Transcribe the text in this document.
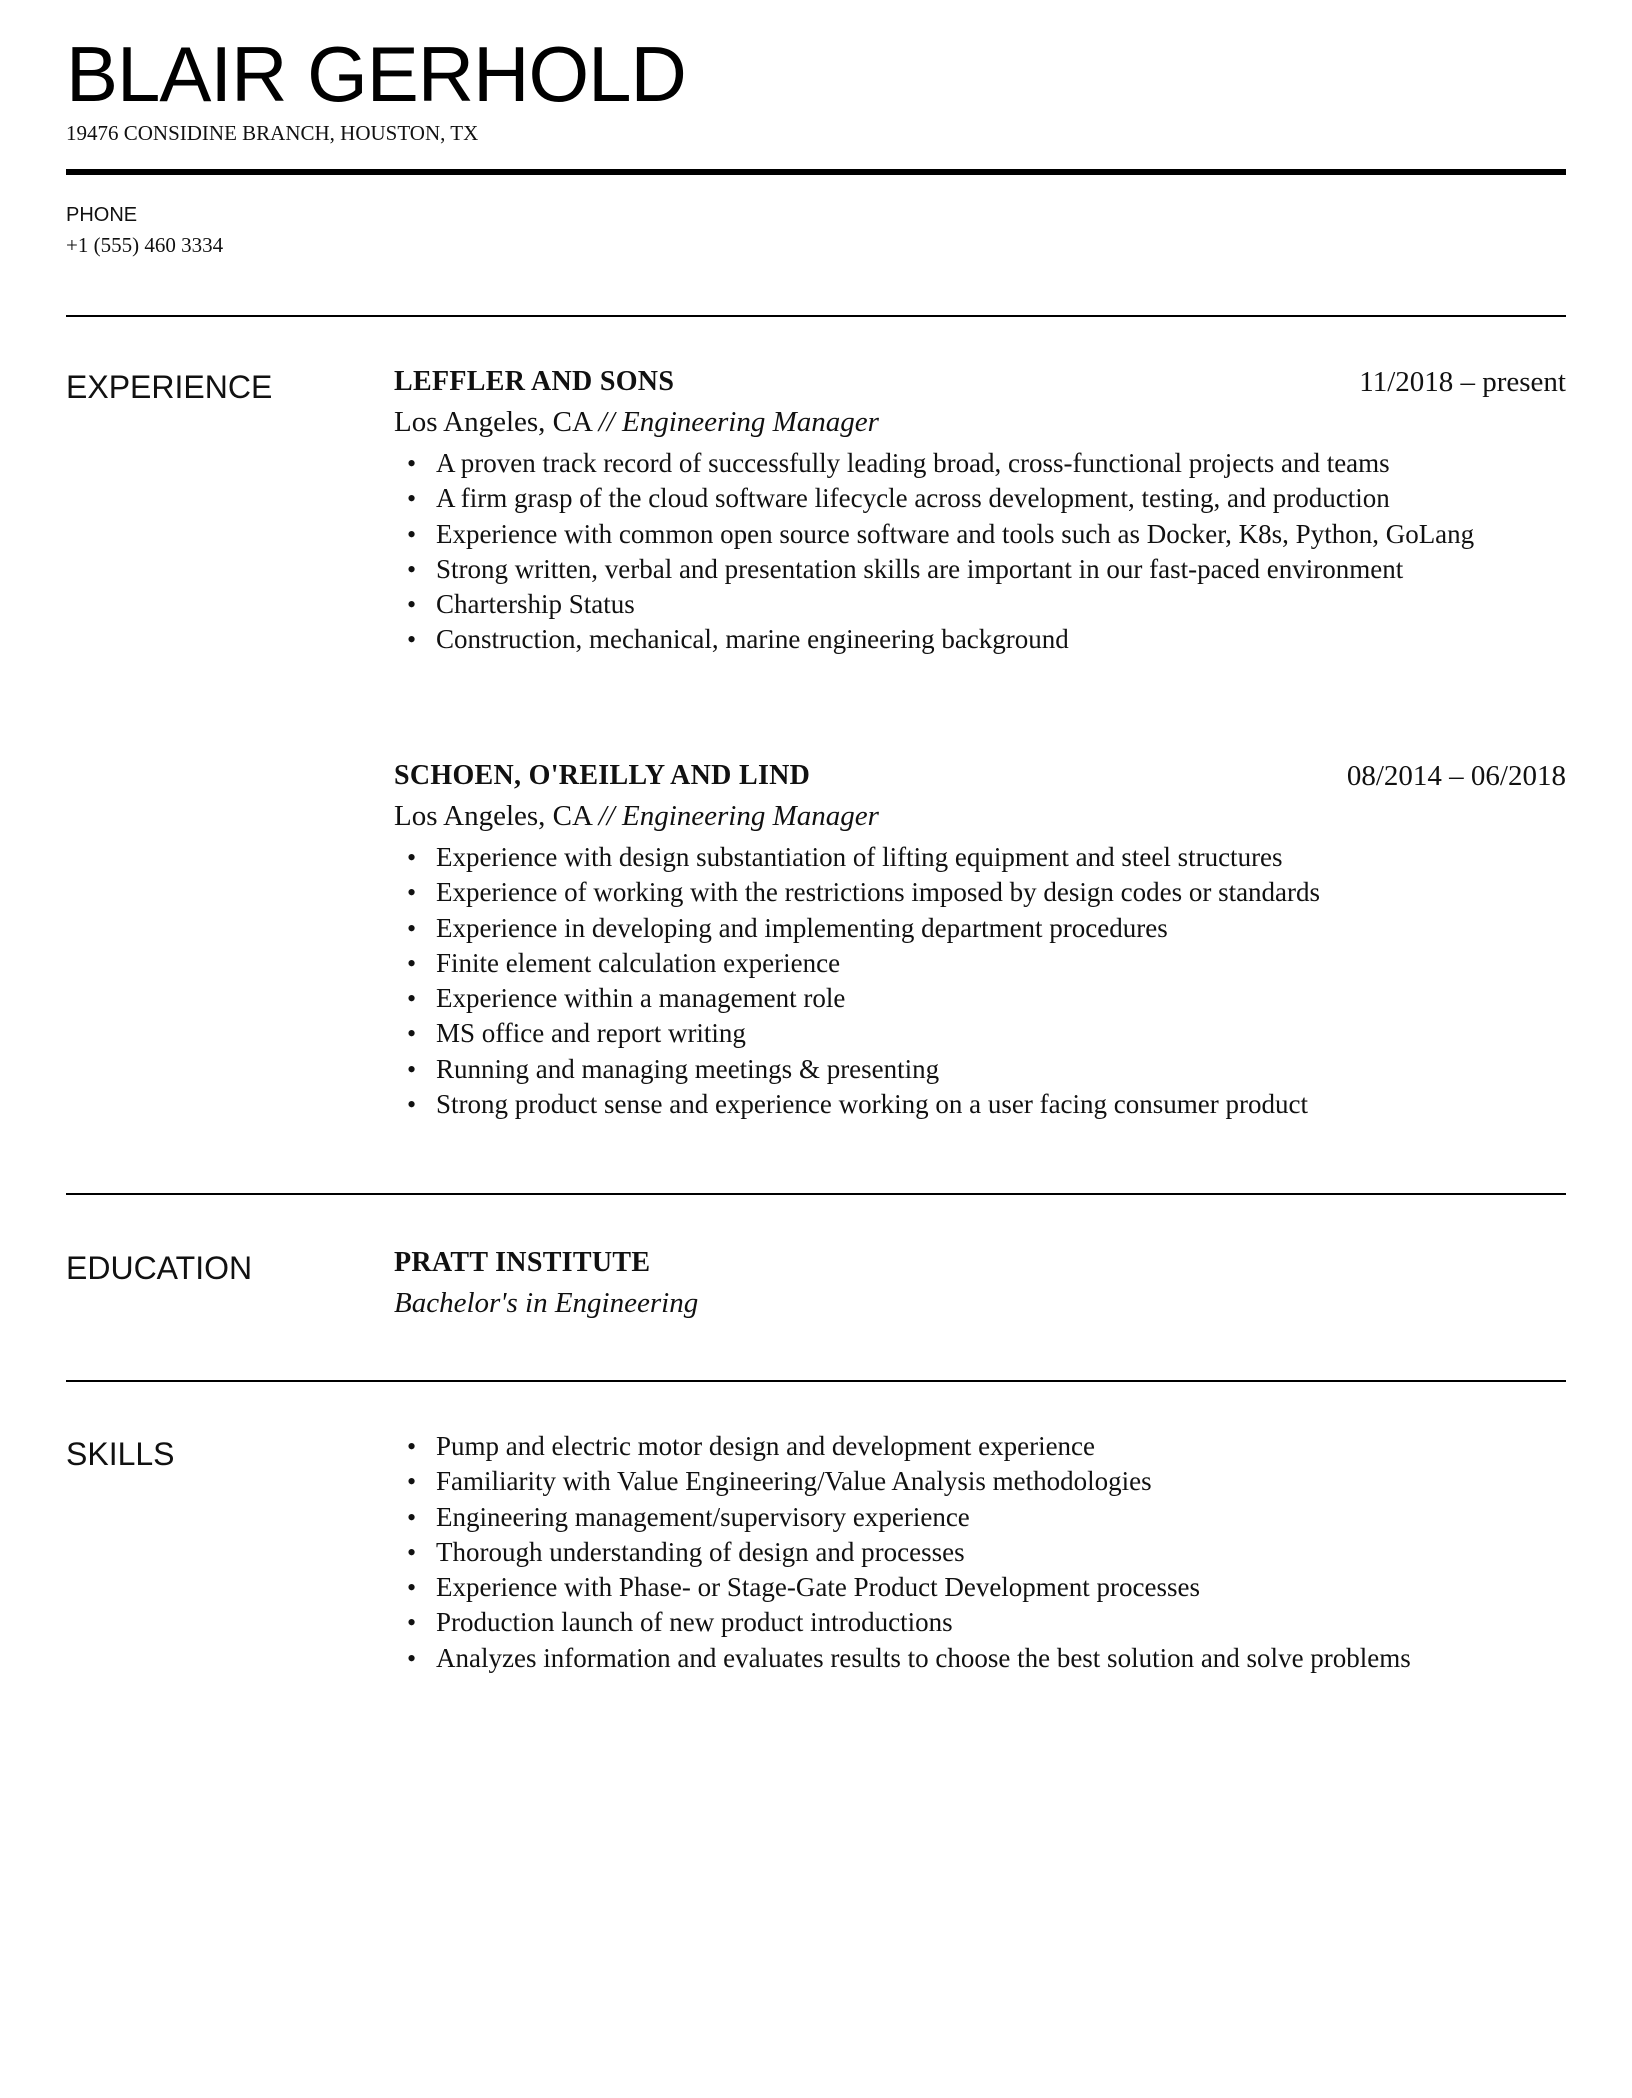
BLAIR GERHOLD
19476 CONSIDINE BRANCH, HOUSTON, TX
PHONE
+1 (555) 460 3334
EXPERIENCE	LEFFLER AND SONS	11/2018 – present
Los Angeles, CA // Engineering Manager
• A proven track record of successfully leading broad, cross-functional projects and teams
• A firm grasp of the cloud software lifecycle across development, testing, and production
• Experience with common open source software and tools such as Docker, K8s, Python, GoLang
• Strong written, verbal and presentation skills are important in our fast-paced environment
• Chartership Status
• Construction, mechanical, marine engineering background
SCHOEN, O'REILLY AND LIND	08/2014 – 06/2018
Los Angeles, CA // Engineering Manager
• Experience with design substantiation of lifting equipment and steel structures
• Experience of working with the restrictions imposed by design codes or standards
• Experience in developing and implementing department procedures
• Finite element calculation experience
• Experience within a management role
• MS office and report writing
• Running and managing meetings & presenting
• Strong product sense and experience working on a user facing consumer product
EDUCATION	PRATT INSTITUTE
Bachelor's in Engineering
SKILLS
•	Pump and electric motor design and development experience
• Familiarity with Value Engineering/Value Analysis methodologies
• Engineering management/supervisory experience
• Thorough understanding of design and processes
• Experience with Phase- or Stage-Gate Product Development processes
• Production launch of new product introductions
• Analyzes information and evaluates results to choose the best solution and solve problems
